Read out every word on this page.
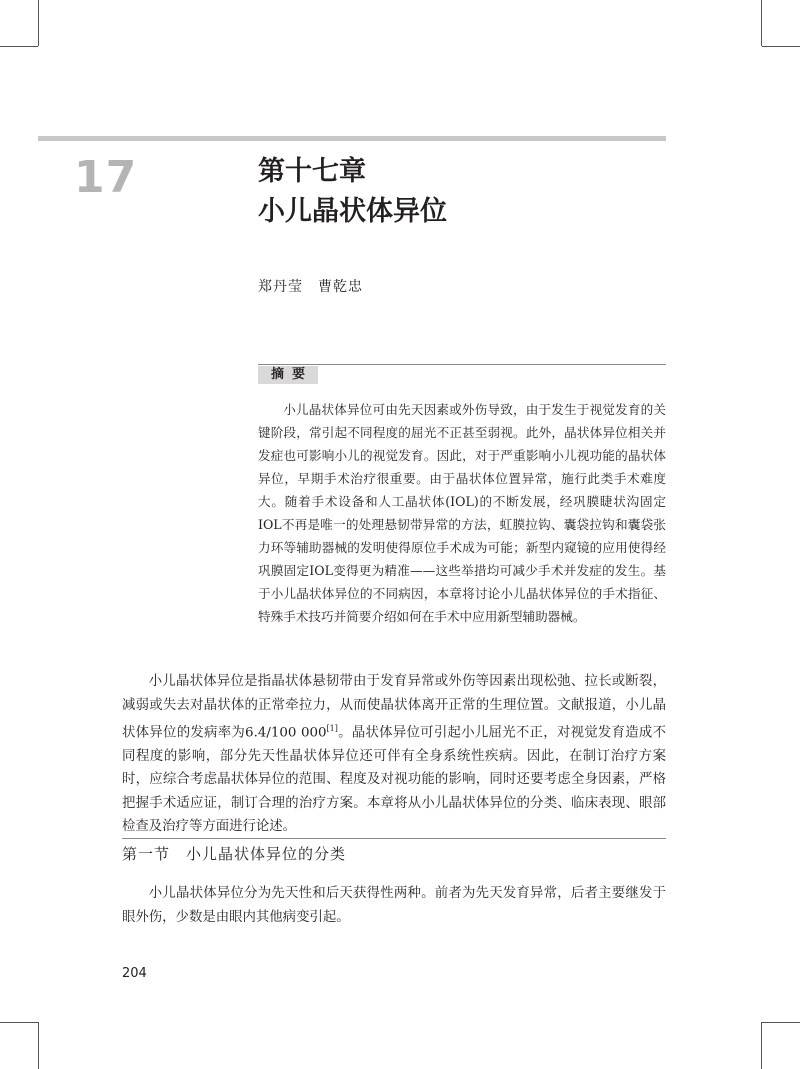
17	第十七章
小儿晶状体异位
郑丹莹　曹乾忠
摘要
小儿晶状体异位可由先天因素或外伤导致，由于发生于视觉发育的关键阶段，常引起不同程度的屈光不正甚至弱视。此外，晶状体异位相关并发症也可影响小儿的视觉发育。因此，对于严重影响小儿视功能的晶状体异位，早期手术治疗很重要。由于晶状体位置异常，施行此类手术难度大。随着手术设备和人工晶状体(IOL)的不断发展，经巩膜睫状沟固定IOL不再是唯一的处理悬韧带异常的方法，虹膜拉钩、囊袋拉钩和囊袋张力环等辅助器械的发明使得原位手术成为可能；新型内窥镜的应用使得经巩膜固定IOL变得更为精准——这些举措均可减少手术并发症的发生。基于小儿晶状体异位的不同病因，本章将讨论小儿晶状体异位的手术指征、特殊手术技巧并简要介绍如何在手术中应用新型辅助器械。
小儿晶状体异位是指晶状体悬韧带由于发育异常或外伤等因素出现松弛、拉长或断裂，减弱或失去对晶状体的正常牵拉力，从而使晶状体离开正常的生理位置。文献报道，小儿晶状体异位的发病率为6.4/100 000[1]。晶状体异位可引起小儿屈光不正，对视觉发育造成不同程度的影响，部分先天性晶状体异位还可伴有全身系统性疾病。因此，在制订治疗方案时，应综合考虑晶状体异位的范围、程度及对视功能的影响，同时还要考虑全身因素，严格把握手术适应证，制订合理的治疗方案。本章将从小儿晶状体异位的分类、临床表现、眼部检查及治疗等方面进行论述。
第一节　小儿晶状体异位的分类
小儿晶状体异位分为先天性和后天获得性两种。前者为先天发育异常，后者主要继发于眼外伤，少数是由眼内其他病变引起。
204
